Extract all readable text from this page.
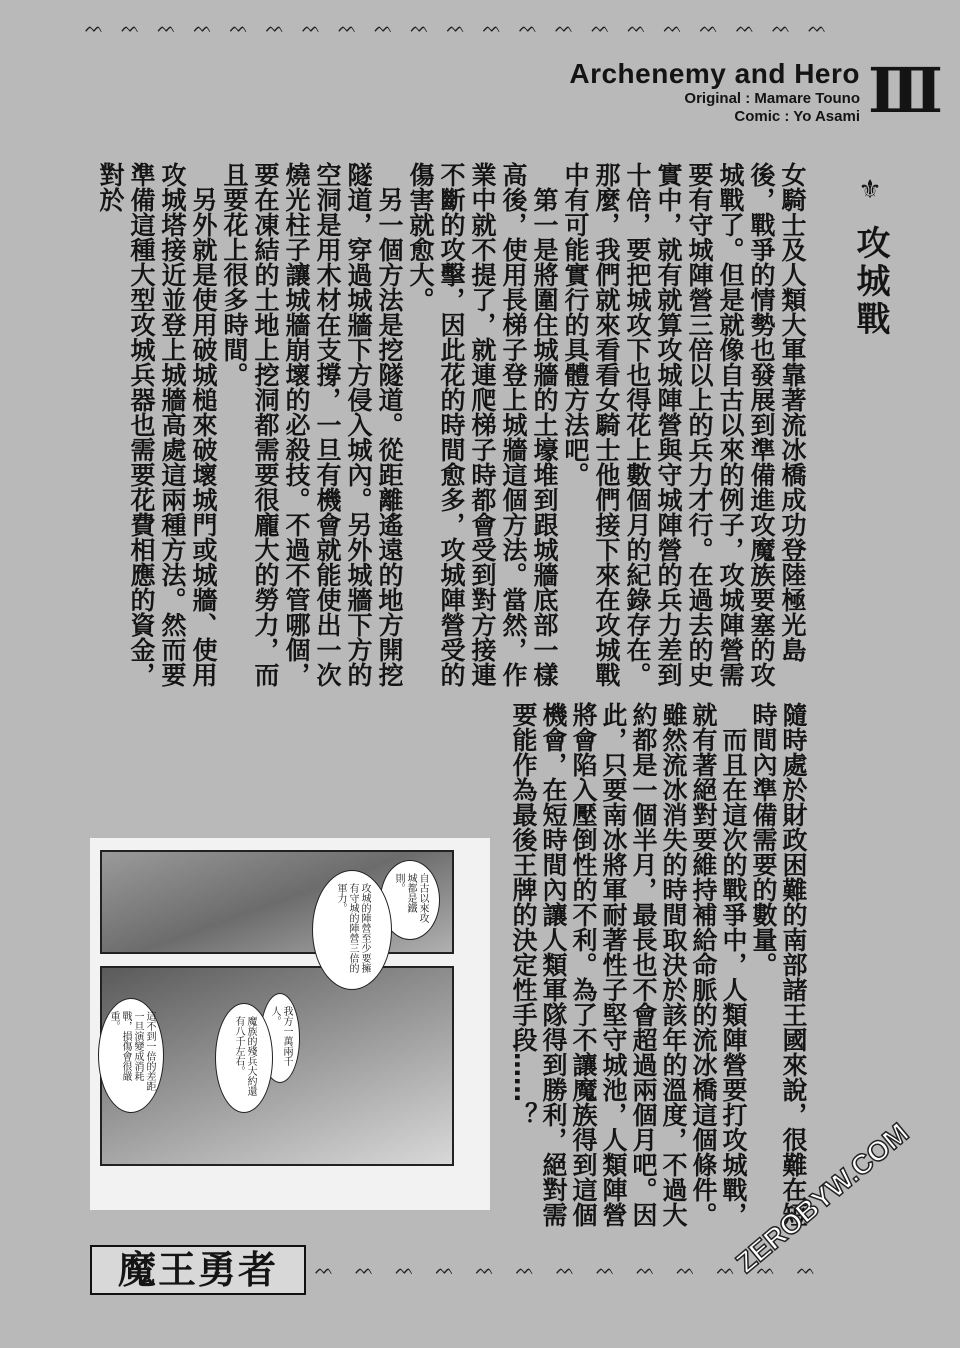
ᨓ ᨓ ᨓ ᨓ ᨓ ᨓ ᨓ ᨓ ᨓ ᨓ ᨓ ᨓ ᨓ ᨓ ᨓ ᨓ ᨓ ᨓ ᨓ ᨓ ᨓ
Archenemy and Hero
Original : Mamare Touno
Comic : Yo Asami III
⚜ 攻城戰

女騎士及人類大軍靠著流冰橋成功登陸極光島後，戰爭的情勢也發展到準備進攻魔族要塞的攻城戰了。但是就像自古以來的例子，攻城陣營需要有守城陣營三倍以上的兵力才行。在過去的史實中，就有就算攻城陣營與守城陣營的兵力差到十倍，要把城攻下也得花上數個月的紀錄存在。那麼，我們就來看看女騎士他們接下來在攻城戰中有可能實行的具體方法吧。

第一是將圍住城牆的土壕堆到跟城牆底部一樣高後，使用長梯子登上城牆這個方法。當然，作業中就不提了，就連爬梯子時都會受到對方接連不斷的攻擊，因此花的時間愈多，攻城陣營受的傷害就愈大。

另一個方法是挖隧道。從距離遙遠的地方開挖隧道，穿過城牆下方侵入城內。另外城牆下方的空洞是用木材在支撐，一旦有機會就能使出一次燒光柱子讓城牆崩壞的必殺技。不過不管哪個，要在凍結的土地上挖洞都需要很龐大的勞力，而且要花上很多時間。

另外就是使用破城槌來破壞城門或城牆、使用攻城塔接近並登上城牆高處這兩種方法。然而要準備這種大型攻城兵器也需要花費相應的資金，對於

隨時處於財政困難的南部諸王國來說，很難在短時間內準備需要的數量。

而且在這次的戰爭中，人類陣營要打攻城戰，就有著絕對要維持補給命脈的流冰橋這個條件。雖然流冰消失的時間取決於該年的溫度，不過大約都是一個半月，最長也不會超過兩個月吧。因此，只要南冰將軍耐著性子堅守城池，人類陣營將會陷入壓倒性的不利。為了不讓魔族得到這個機會，在短時間內讓人類軍隊得到勝利，絕對需要能作為最後王牌的決定性手段……？

自古以來攻城都是鐵則。
攻城的陣營至少要擁有守城的陣營三倍的軍力。
我方一萬兩千人。
魔族的殘兵大約還有八千左右。
這不到一倍的差距一旦演變成消耗戰，損傷會很嚴重。
魔王勇者	ᨓ ᨓ ᨓ ᨓ ᨓ ᨓ ᨓ ᨓ ᨓ ᨓ ᨓ ᨓ ᨓ
ZEROBYW.COM
